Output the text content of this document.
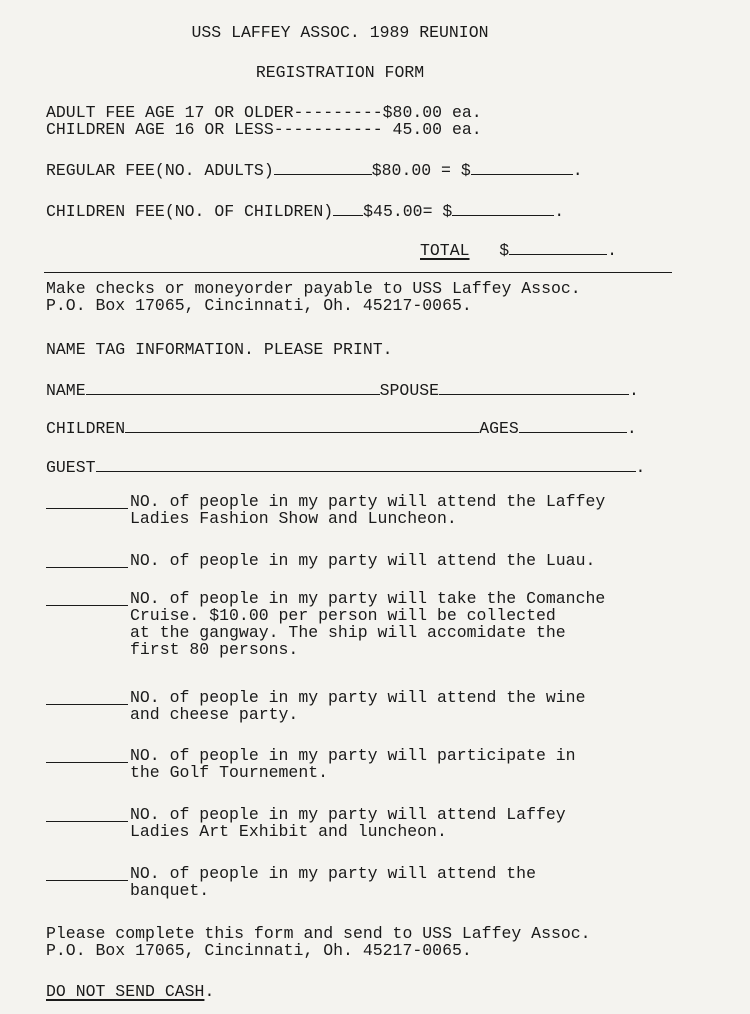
USS LAFFEY ASSOC. 1989 REUNION
REGISTRATION FORM
ADULT FEE AGE 17 OR OLDER---------$80.00 ea.
CHILDREN AGE 16 OR LESS----------- 45.00 ea.
REGULAR FEE(NO. ADULTS)	$80.00 = $	.
CHILDREN FEE(NO. OF CHILDREN) $45.00= $	.
TOTAL $	.
Make checks or moneyorder payable to USS Laffey Assoc.
P.O. Box 17065, Cincinnati, Oh. 45217-0065.
NAME TAG INFORMATION. PLEASE PRINT.
NAME	SPOUSE	.
CHILDREN	AGES	.
GUEST	.
NO. of people in my party will attend the Laffey
Ladies Fashion Show and Luncheon.
NO. of people in my party will attend the Luau.
NO. of people in my party will take the Comanche
Cruise. $10.00 per person will be collected
at the gangway. The ship will accomidate the
first 80 persons.
NO. of people in my party will attend the wine
and cheese party.
NO. of people in my party will participate in
the Golf Tournement.
NO. of people in my party will attend Laffey
Ladies Art Exhibit and luncheon.
NO. of people in my party will attend the
banquet.
Please complete this form and send to USS Laffey Assoc.
P.O. Box 17065, Cincinnati, Oh. 45217-0065.
DO NOT SEND CASH.
